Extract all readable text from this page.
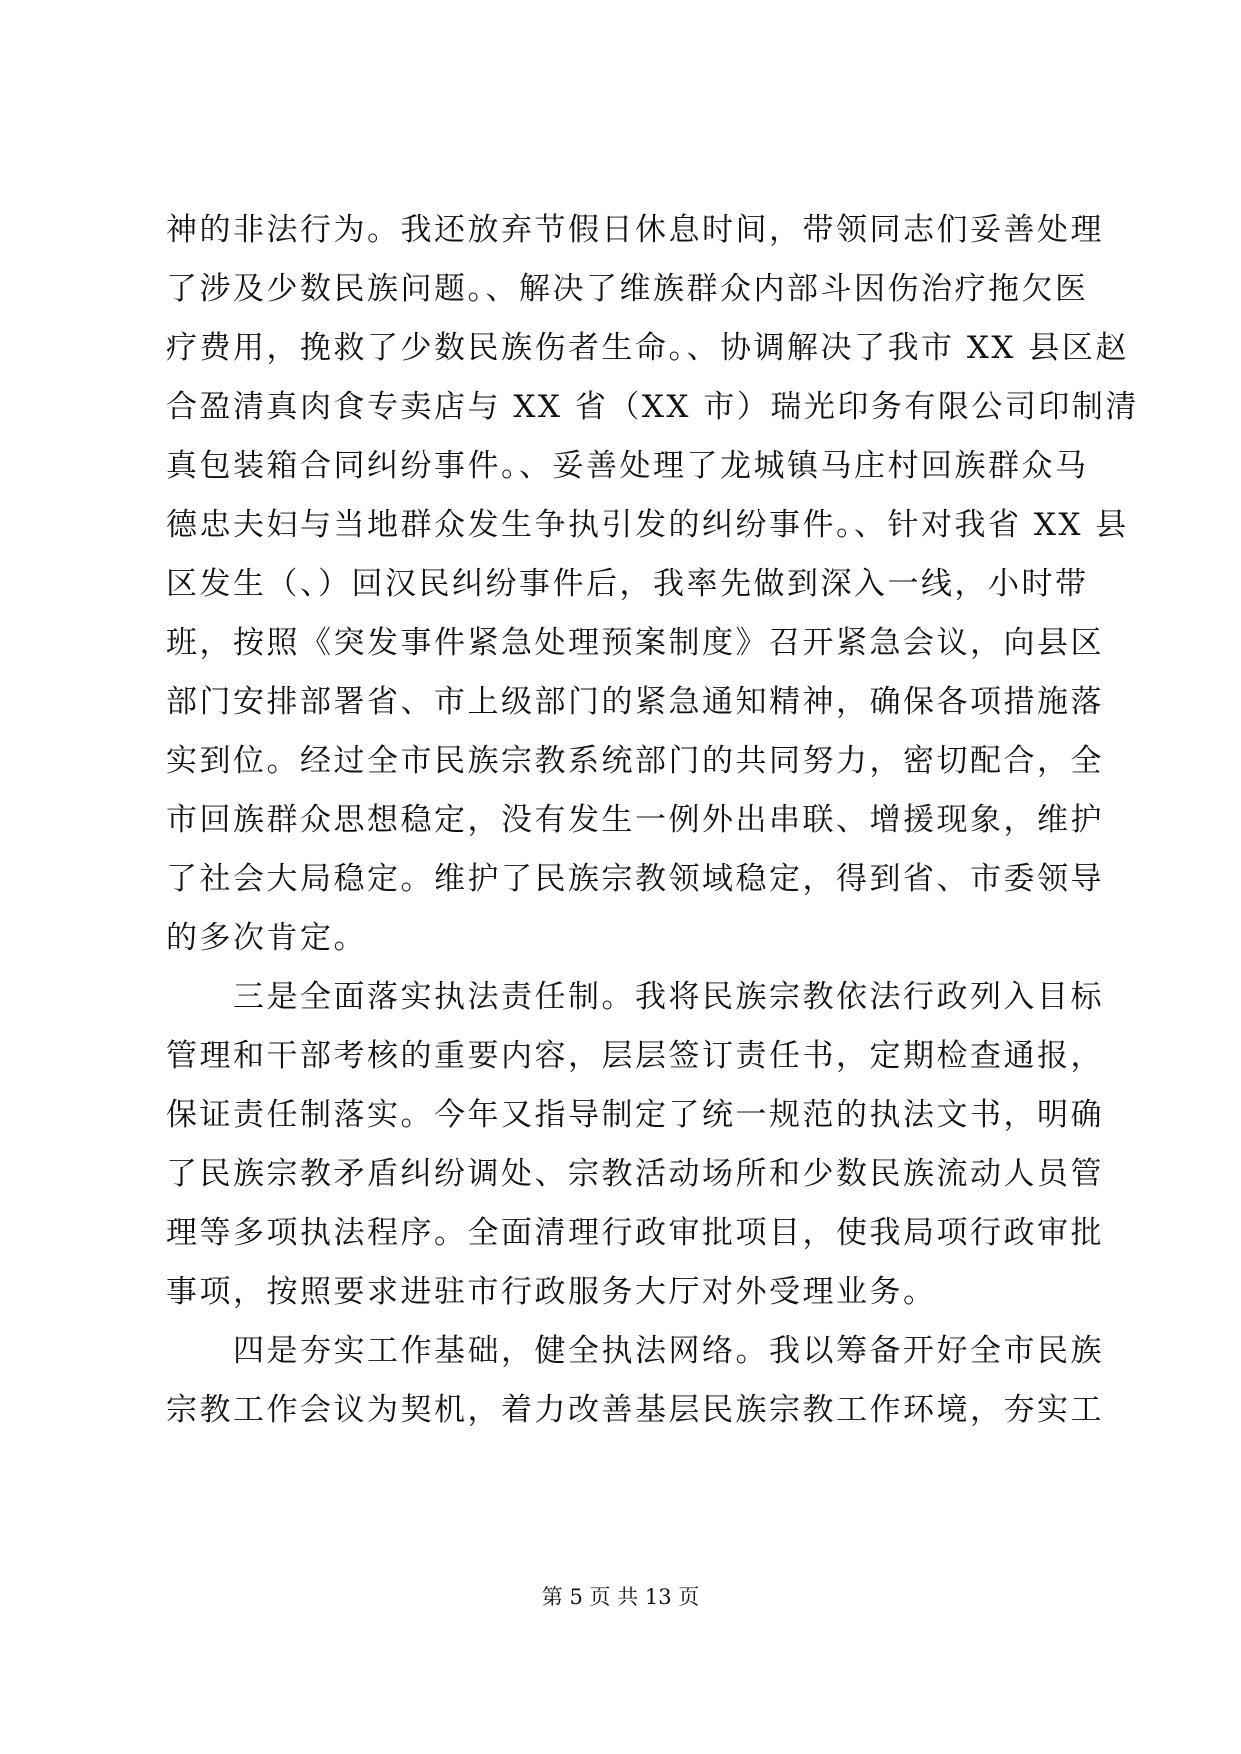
神的非法行为。我还放弃节假日休息时间，带领同志们妥善处理
了涉及少数民族问题。、解决了维族群众内部斗因伤治疗拖欠医
疗费用，挽救了少数民族伤者生命。、协调解决了我市 XX 县区赵
合盈清真肉食专卖店与 XX 省（XX 市）瑞光印务有限公司印制清
真包装箱合同纠纷事件。、妥善处理了龙城镇马庄村回族群众马
德忠夫妇与当地群众发生争执引发的纠纷事件。、针对我省 XX 县
区发生（、）回汉民纠纷事件后，我率先做到深入一线，小时带
班，按照《突发事件紧急处理预案制度》召开紧急会议，向县区
部门安排部署省、市上级部门的紧急通知精神，确保各项措施落
实到位。经过全市民族宗教系统部门的共同努力，密切配合，全
市回族群众思想稳定，没有发生一例外出串联、增援现象，维护
了社会大局稳定。维护了民族宗教领域稳定，得到省、市委领导
的多次肯定。
　　三是全面落实执法责任制。我将民族宗教依法行政列入目标
管理和干部考核的重要内容，层层签订责任书，定期检查通报，
保证责任制落实。今年又指导制定了统一规范的执法文书，明确
了民族宗教矛盾纠纷调处、宗教活动场所和少数民族流动人员管
理等多项执法程序。全面清理行政审批项目，使我局项行政审批
事项，按照要求进驻市行政服务大厅对外受理业务。
　　四是夯实工作基础，健全执法网络。我以筹备开好全市民族
宗教工作会议为契机，着力改善基层民族宗教工作环境，夯实工
第 5 页 共 13 页
